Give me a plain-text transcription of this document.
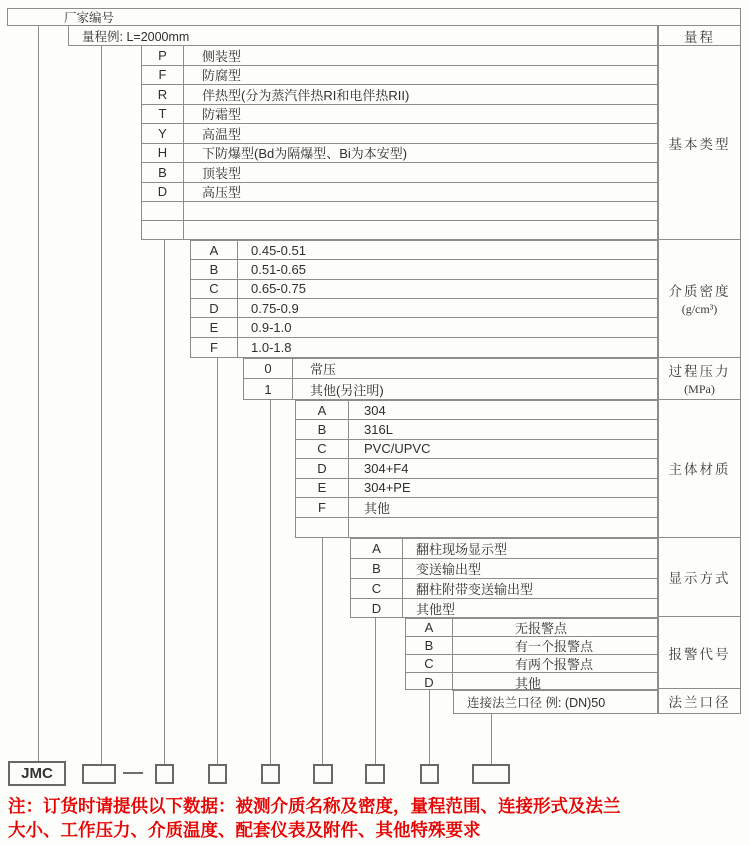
厂家编号
量程例: L=2000mm
P	侧装型
F	防腐型
R	伴热型(分为蒸汽伴热RI和电伴热RII)
T	防霜型
Y	高温型
H	下防爆型(Bd为隔爆型、Bi为本安型)
B	顶装型
D	高压型
A	0.45-0.51
B	0.51-0.65
C	0.65-0.75
D	0.75-0.9
E	0.9-1.0
F	1.0-1.8
0	常压
1	其他(另注明)
A	304
B	316L
C	PVC/UPVC
D	304+F4
E	304+PE
F	其他
A	翻柱现场显示型
B	变送输出型
C	翻柱附带变送输出型
D	其他型
A	无报警点
B	有一个报警点
C	有两个报警点
D	其他
量程
基本类型
介质密度
(g/cm³)
过程压力
(MPa)
主体材质
显示方式
报警代号
法兰口径
连接法兰口径 例: (DN)50
JMC
注：订货时请提供以下数据：被测介质名称及密度，量程范围、连接形式及法兰
大小、工作压力、介质温度、配套仪表及附件、其他特殊要求
